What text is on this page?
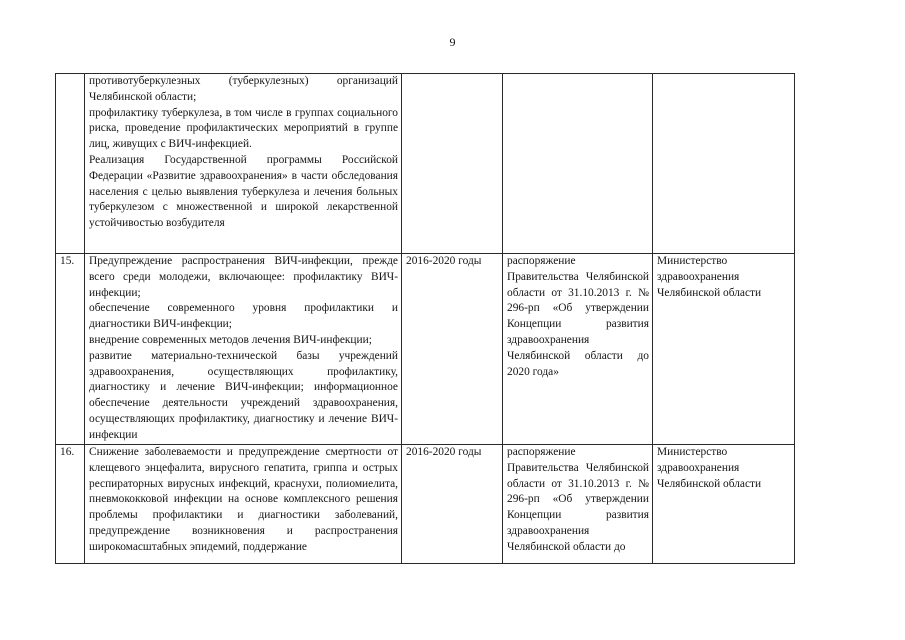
9

	противотуберкулезных (туберкулезных) организаций Челябинской области;
профилактику туберкулеза, в том числе в группах социального риска, проведение профилактических мероприятий в группе лиц, живущих с ВИЧ-инфекцией.
Реализация Государственной программы Российской Федерации «Развитие здравоохранения» в части обследования населения с целью выявления туберкулеза и лечения больных туберкулезом с множественной и широкой лекарственной устойчивостью возбудителя			

15.	Предупреждение распространения ВИЧ-инфекции, прежде всего среди молодежи, включающее: профилактику ВИЧ-инфекции;
обеспечение современного уровня профилактики и диагностики ВИЧ-инфекции;
внедрение современных методов лечения ВИЧ-инфекции;
развитие материально-технической базы учреждений здравоохранения, осуществляющих профилактику, диагностику и лечение ВИЧ-инфекции; информационное обеспечение деятельности учреждений здравоохранения, осуществляющих профилактику, диагностику и лечение ВИЧ-инфекции	2016-2020 годы	распоряжение Правительства Челябинской области от 31.10.2013 г. № 296-рп «Об утверждении Концепции развития здравоохранения Челябинской области до 2020 года»	Министерство здравоохранения Челябинской области
16.	Снижение заболеваемости и предупреждение смертности от клещевого энцефалита, вирусного гепатита, гриппа и острых респираторных вирусных инфекций, краснухи, полиомиелита, пневмококковой инфекции на основе комплексного решения проблемы профилактики и диагностики заболеваний, предупреждение возникновения и распространения широкомасштабных эпидемий, поддержание	2016-2020 годы	распоряжение Правительства Челябинской области от 31.10.2013 г. № 296-рп «Об утверждении Концепции развития здравоохранения Челябинской области до	Министерство здравоохранения Челябинской области
